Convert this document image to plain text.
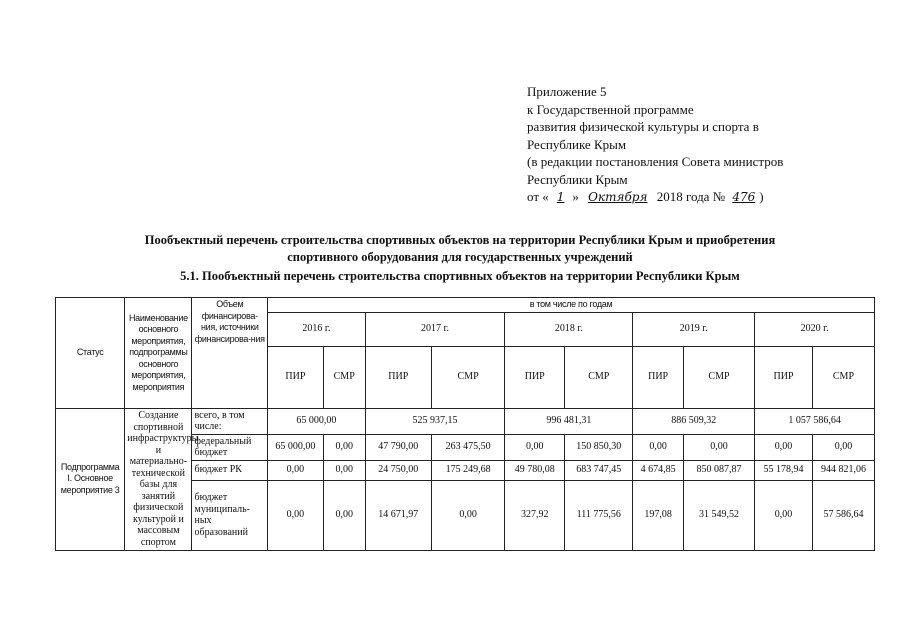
Приложение 5
к Государственной программе
развития физической культуры и спорта в
Республике Крым
(в редакции постановления Совета министров
Республики Крым
от « 1 » Октября 2018 года № 476 )
Пообъектный перечень строительства спортивных объектов на территории Республики Крым и приобретения
спортивного оборудования для государственных учреждений
5.1. Пообъектный перечень строительства спортивных объектов на территории Республики Крым
Статус	Наименование основного мероприятия, подпрограммы основного мероприятия, мероприятия	Объем финансирова-ния, источники финансирова-ния	в том числе по годам									
			2016 г.		2017 г.		2018 г.		2019 г.		2020 г.	
			ПИР	СМР	ПИР	СМР	ПИР	СМР	ПИР	СМР	ПИР	СМР
Подпрограмма I. Основное мероприятие 3	Создание спортивной инфраструктуры и материально-технической базы для занятий физической культурой и массовым спортом	всего, в том числе:	65 000,00		525 937,15		996 481,31		886 509,32		1 057 586,64	
		федеральный бюджет	65 000,00	0,00	47 790,00	263 475,50	0,00	150 850,30	0,00	0,00	0,00	0,00
		бюджет РК	0,00	0,00	24 750,00	175 249,68	49 780,08	683 747,45	4 674,85	850 087,87	55 178,94	944 821,06
		бюджет муниципаль-ных образований	0,00	0,00	14 671,97	0,00	327,92	111 775,56	197,08	31 549,52	0,00	57 586,64
